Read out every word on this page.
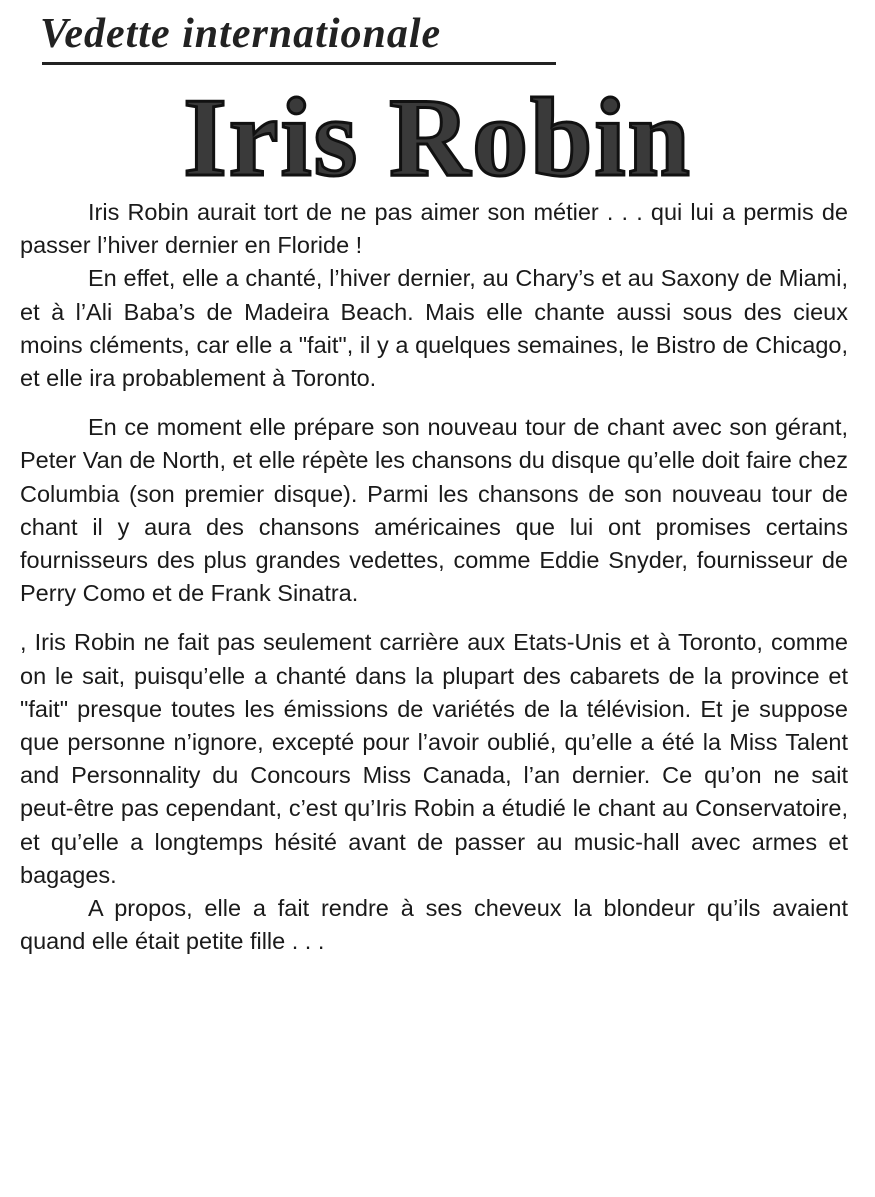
Vedette internationale
Iris Robin

Iris Robin aurait tort de ne pas aimer son métier . . . qui lui a permis de passer l’hiver dernier en Floride !

En effet, elle a chanté, l’hiver dernier, au Chary’s et au Saxony de Miami, et à l’Ali Baba’s de Madeira Beach. Mais elle chante aussi sous des cieux moins cléments, car elle a "fait", il y a quelques semaines, le Bistro de Chicago, et elle ira probablement à Toronto.

En ce moment elle prépare son nouveau tour de chant avec son gérant, Peter Van de North, et elle répète les chansons du disque qu’elle doit faire chez Columbia (son premier disque). Parmi les chansons de son nouveau tour de chant il y aura des chansons américaines que lui ont promises certains fournisseurs des plus grandes vedettes, comme Eddie Snyder, fournisseur de Perry Como et de Frank Sinatra.

, Iris Robin ne fait pas seulement carrière aux Etats-Unis et à Toronto, comme on le sait, puisqu’elle a chanté dans la plupart des cabarets de la province et "fait" presque toutes les émissions de variétés de la télévision. Et je suppose que personne n’ignore, excepté pour l’avoir oublié, qu’elle a été la Miss Talent and Personnality du Concours Miss Canada, l’an dernier. Ce qu’on ne sait peut-être pas cependant, c’est qu’Iris Robin a étudié le chant au Conservatoire, et qu’elle a longtemps hésité avant de passer au music-hall avec armes et bagages.

A propos, elle a fait rendre à ses cheveux la blondeur qu’ils avaient quand elle était petite fille . . .
